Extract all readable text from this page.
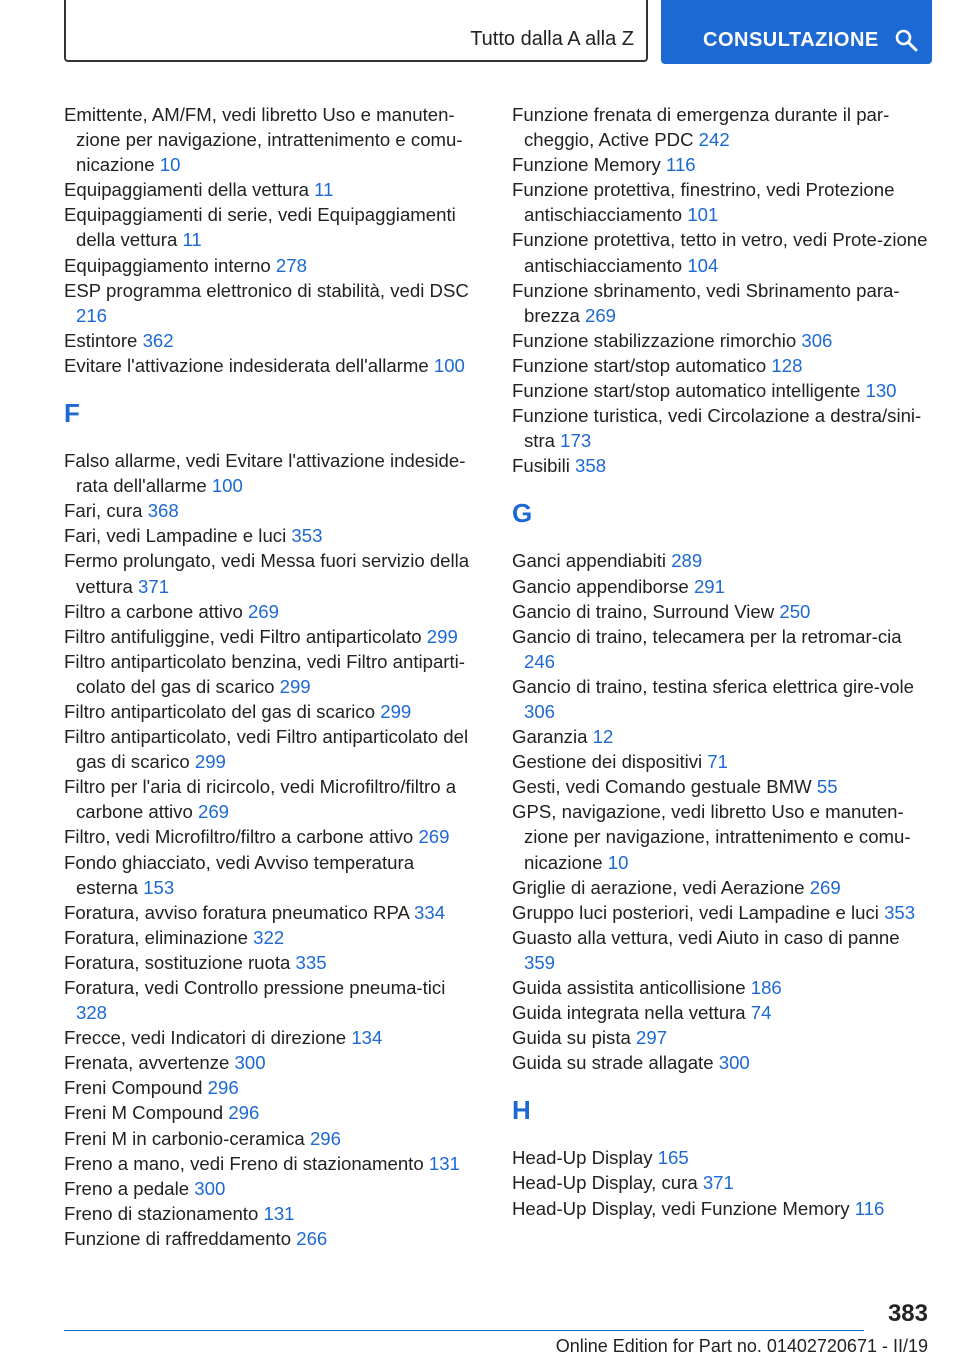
Tutto dalla A alla Z	CONSULTAZIONE

Emittente, AM/FM, vedi libretto Uso e manuten‐zione per navigazione, intrattenimento e comu‐nicazione 10

Equipaggiamenti della vettura 11

Equipaggiamenti di serie, vedi Equipaggiamenti della vettura 11

Equipaggiamento interno 278

ESP programma elettronico di stabilità, vedi DSC 216

Estintore 362

Evitare l'attivazione indesiderata dell'allarme 100

F

Falso allarme, vedi Evitare l'attivazione indeside‐rata dell'allarme 100

Fari, cura 368

Fari, vedi Lampadine e luci 353

Fermo prolungato, vedi Messa fuori servizio della vettura 371

Filtro a carbone attivo 269

Filtro antifuliggine, vedi Filtro antiparticolato 299

Filtro antiparticolato benzina, vedi Filtro antiparti‐colato del gas di scarico 299

Filtro antiparticolato del gas di scarico 299

Filtro antiparticolato, vedi Filtro antiparticolato del gas di scarico 299

Filtro per l'aria di ricircolo, vedi Microfiltro/filtro a carbone attivo 269

Filtro, vedi Microfiltro/filtro a carbone attivo 269

Fondo ghiacciato, vedi Avviso temperatura esterna 153

Foratura, avviso foratura pneumatico RPA 334

Foratura, eliminazione 322

Foratura, sostituzione ruota 335

Foratura, vedi Controllo pressione pneuma‐tici 328

Frecce, vedi Indicatori di direzione 134

Frenata, avvertenze 300

Freni Compound 296

Freni M Compound 296

Freni M in carbonio-ceramica 296

Freno a mano, vedi Freno di stazionamento 131

Freno a pedale 300

Freno di stazionamento 131

Funzione di raffreddamento 266

Funzione frenata di emergenza durante il par‐cheggio, Active PDC 242

Funzione Memory 116

Funzione protettiva, finestrino, vedi Protezione antischiacciamento 101

Funzione protettiva, tetto in vetro, vedi Prote‐zione antischiacciamento 104

Funzione sbrinamento, vedi Sbrinamento para‐brezza 269

Funzione stabilizzazione rimorchio 306

Funzione start/stop automatico 128

Funzione start/stop automatico intelligente 130

Funzione turistica, vedi Circolazione a destra/sini‐stra 173

Fusibili 358

G

Ganci appendiabiti 289

Gancio appendiborse 291

Gancio di traino, Surround View 250

Gancio di traino, telecamera per la retromar‐cia 246

Gancio di traino, testina sferica elettrica gire‐vole 306

Garanzia 12

Gestione dei dispositivi 71

Gesti, vedi Comando gestuale BMW 55

GPS, navigazione, vedi libretto Uso e manuten‐zione per navigazione, intrattenimento e comu‐nicazione 10

Griglie di aerazione, vedi Aerazione 269

Gruppo luci posteriori, vedi Lampadine e luci 353

Guasto alla vettura, vedi Aiuto in caso di panne 359

Guida assistita anticollisione 186

Guida integrata nella vettura 74

Guida su pista 297

Guida su strade allagate 300

H

Head-Up Display 165

Head-Up Display, cura 371

Head-Up Display, vedi Funzione Memory 116

383
Online Edition for Part no. 01402720671 - II/19
